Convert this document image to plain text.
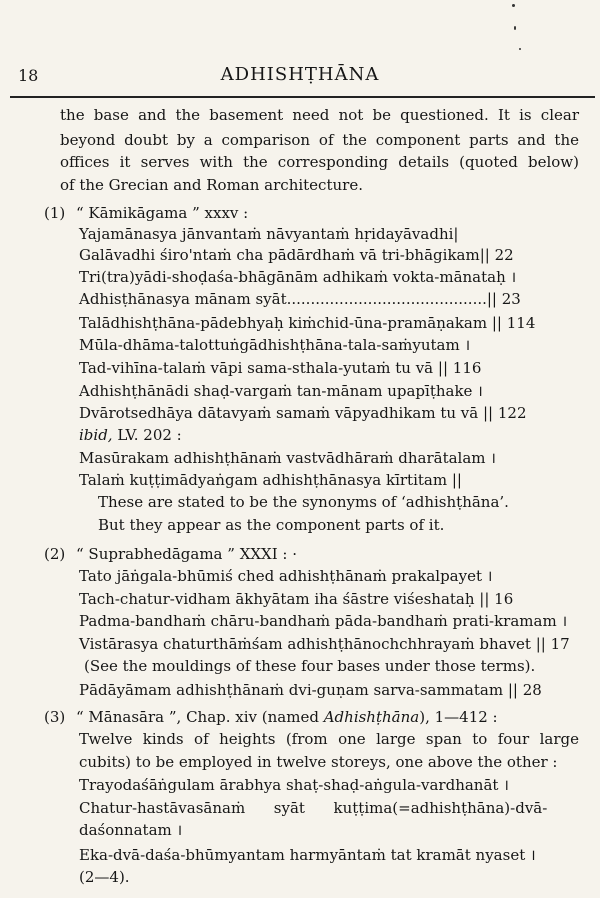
18	ADHISHṬHĀNA
the base and the basement need not be questioned. It is clear
beyond doubt by a comparison of the component parts and the
offices it serves with the corresponding details (quoted below)
of the Grecian and Roman architecture.
(1) “ Kāmikāgama ” xxxv :
Yajamānasya jānvantaṁ nāvyantaṁ hṛidayāvadhi|
Galāvadhi śiro'ntaṁ cha pādārdhaṁ vā tri-bhāgikam|| 22
Tri(tra)yādi-shoḍaśa-bhāgānām adhikaṁ vokta-mānataḥ ।
Adhisṭhānasya mānam syāt..........................................|| 23
Talādhishṭhāna-pādebhyaḥ kiṁchid-ūna-pramāṇakam || 114
Mūla-dhāma-talottuṅgādhishṭhāna-tala-saṁyutam ।
Tad-vihīna-talaṁ vāpi sama-sthala-yutaṁ tu vā || 116
Adhishṭhānādi shaḍ-vargaṁ tan-mānam upapīṭhake ।
Dvārotsedhāya dātavyaṁ samaṁ vāpyadhikam tu vā || 122
ibid, LV. 202 :
Masūrakam adhishṭhānaṁ vastvādhāraṁ dharātalam ।
Talaṁ kuṭṭimādyaṅgam adhishṭhānasya kīrtitam ||
These are stated to be the synonyms of ‘adhishṭhāna’.
But they appear as the component parts of it.
(2) “ Suprabhedāgama ” XXXI : ·
Tato jāṅgala-bhūmiś ched adhishṭhānaṁ prakalpayet ।
Tach-chatur-vidham ākhyātam iha śāstre viśeshataḥ || 16
Padma-bandhaṁ chāru-bandhaṁ pāda-bandhaṁ prati-kramam ।
Vistārasya chaturthāṁśam adhishṭhānochchhrayaṁ bhavet || 17
(See the mouldings of these four bases under those terms).
Pādāyāmam adhishṭhānaṁ dvi-guṇam sarva-sammatam || 28
(3) “ Mānasāra ”, Chap. xiv (named Adhishṭhāna), 1—412 :
Twelve kinds of heights (from one large span to four large
cubits) to be employed in twelve storeys, one above the other :
Trayodaśāṅgulam ārabhya shaṭ-shaḍ-aṅgula-vardhanāt ।
Chatur-hastāvasānaṁ      syāt      kuṭṭima(=adhishṭhāna)-dvā-
daśonnatam ।
Eka-dvā-daśa-bhūmyantam harmyāntaṁ tat kramāt nyaset ।
(2—4).
